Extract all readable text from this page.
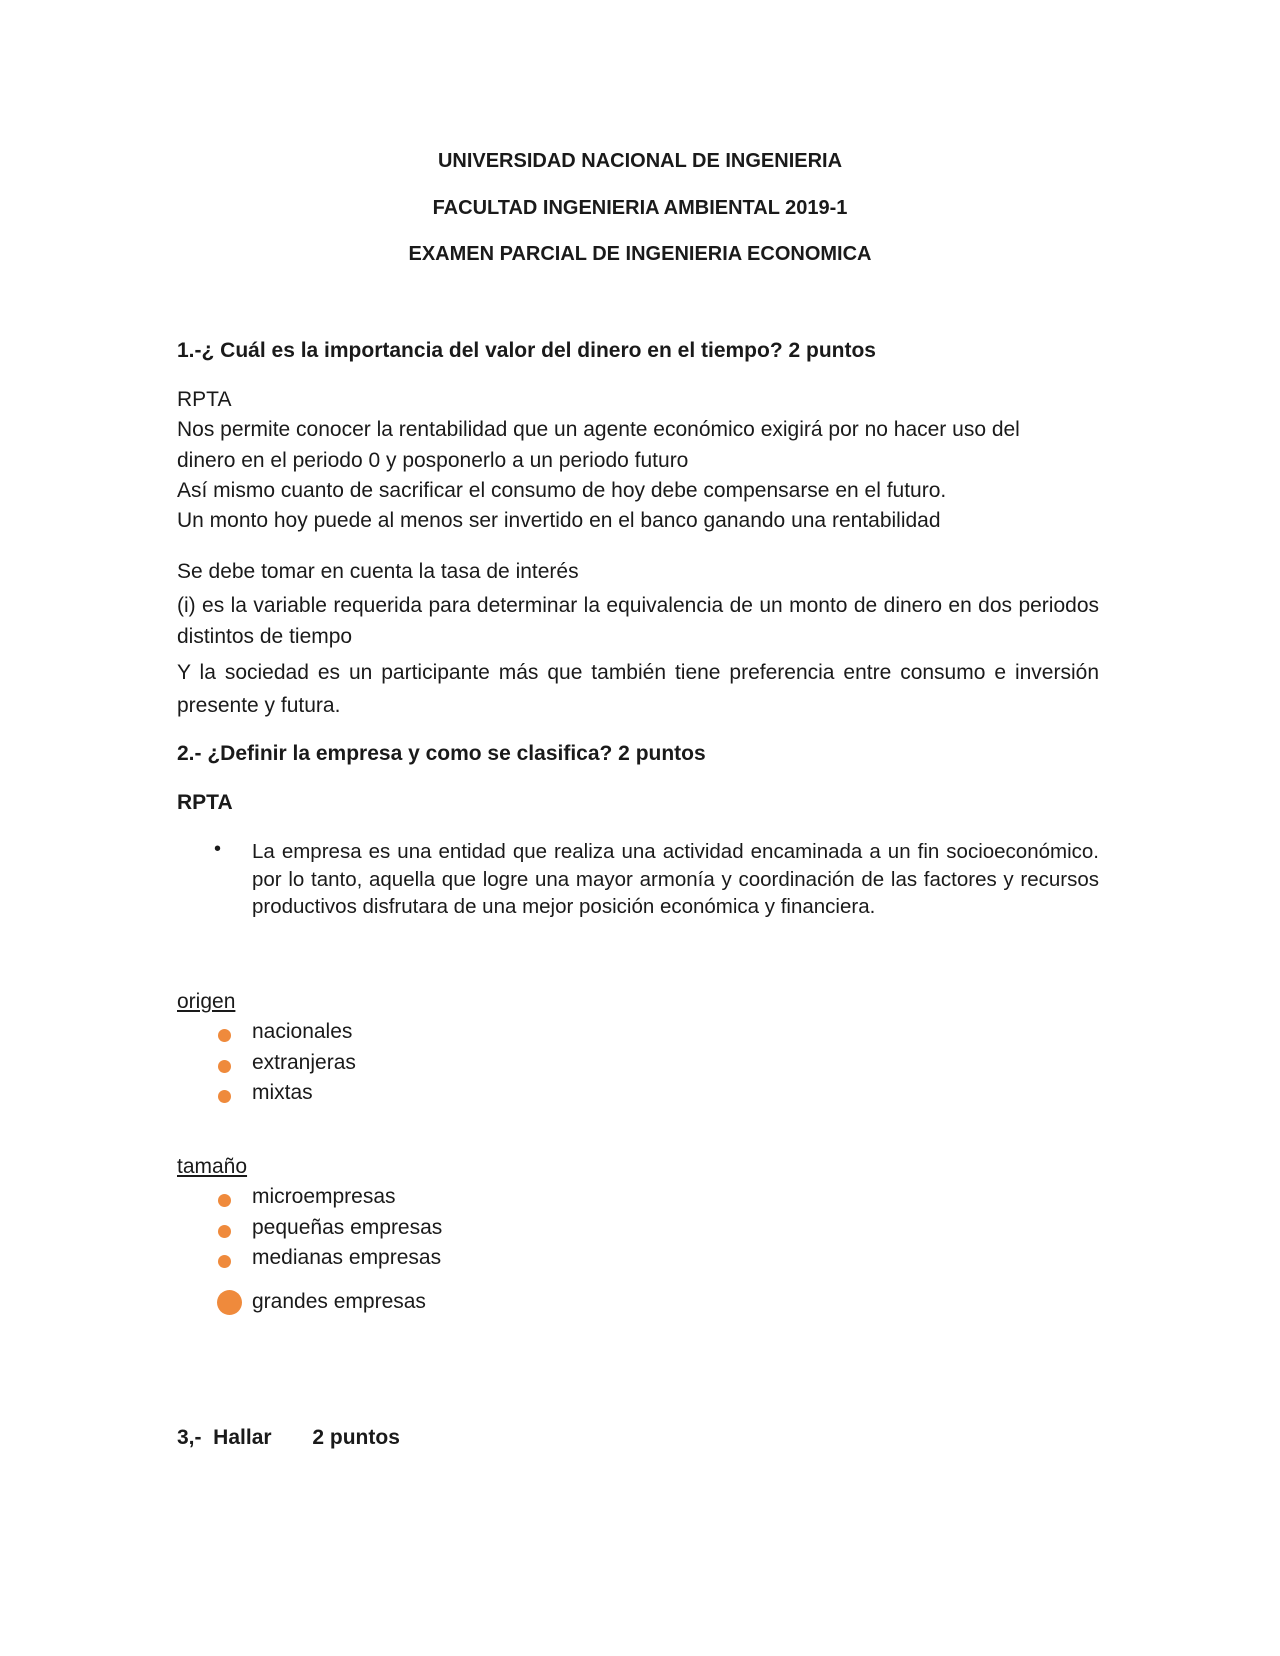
UNIVERSIDAD NACIONAL DE INGENIERIA
FACULTAD INGENIERIA AMBIENTAL 2019-1
EXAMEN PARCIAL DE INGENIERIA ECONOMICA
1.-¿ Cuál es la importancia del valor del dinero en el tiempo? 2 puntos
RPTA
Nos permite conocer la rentabilidad que un agente económico exigirá por no hacer uso del
dinero en el periodo 0 y posponerlo a un periodo futuro
Así mismo cuanto de sacrificar el consumo de hoy debe compensarse en el futuro.
Un monto hoy puede al menos ser invertido en el banco ganando una rentabilidad
Se debe tomar en cuenta la tasa de interés
(i) es la variable requerida para determinar la equivalencia de un monto de dinero en dos periodos distintos de tiempo
Y la sociedad es un participante más que también tiene preferencia entre consumo e inversión presente y futura.
2.- ¿Definir la empresa y como se clasifica? 2 puntos
RPTA
• La empresa es una entidad que realiza una actividad encaminada a un fin socioeconómico. por lo tanto, aquella que logre una mayor armonía y coordinación de las factores y recursos productivos disfrutara de una mejor posición económica y financiera.
origen
nacionales
extranjeras
mixtas
tamaño
microempresas
pequeñas empresas
medianas empresas
grandes empresas
3,-  Hallar       2 puntos
